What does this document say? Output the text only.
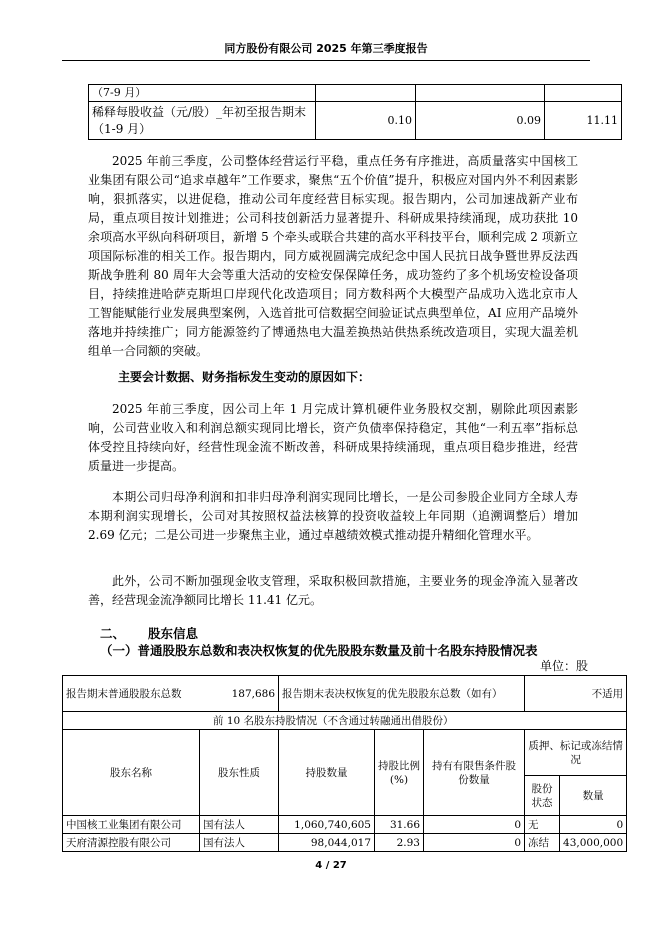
同方股份有限公司 2025 年第三季度报告
（7-9 月）			
稀释每股收益（元/股）_年初至报告期末（1-9 月）	0.10	0.09	11.11

2025 年前三季度，公司整体经营运行平稳，重点任务有序推进，高质量落实中国核工业集团有限公司“追求卓越年”工作要求，聚焦“五个价值”提升，积极应对国内外不利因素影响，狠抓落实，以进促稳，推动公司年度经营目标实现。报告期内，公司加速战新产业布局，重点项目按计划推进；公司科技创新活力显著提升、科研成果持续涌现，成功获批 10 余项高水平纵向科研项目，新增 5 个牵头或联合共建的高水平科技平台，顺利完成 2 项新立项国际标准的相关工作。报告期内，同方威视圆满完成纪念中国人民抗日战争暨世界反法西斯战争胜利 80 周年大会等重大活动的安检安保保障任务，成功签约了多个机场安检设备项目，持续推进哈萨克斯坦口岸现代化改造项目；同方数科两个大模型产品成功入选北京市人工智能赋能行业发展典型案例，入选首批可信数据空间验证试点典型单位，AI 应用产品境外落地并持续推广；同方能源签约了博通热电大温差换热站供热系统改造项目，实现大温差机组单一合同额的突破。

主要会计数据、财务指标发生变动的原因如下：

2025 年前三季度，因公司上年 1 月完成计算机硬件业务股权交割，剔除此项因素影响，公司营业收入和利润总额实现同比增长，资产负债率保持稳定，其他“一利五率”指标总体受控且持续向好，经营性现金流不断改善，科研成果持续涌现，重点项目稳步推进，经营质量进一步提高。

本期公司归母净利润和扣非归母净利润实现同比增长，一是公司参股企业同方全球人寿本期利润实现增长，公司对其按照权益法核算的投资收益较上年同期（追溯调整后）增加 2.69 亿元；二是公司进一步聚焦主业，通过卓越绩效模式推动提升精细化管理水平。

此外，公司不断加强现金收支管理，采取积极回款措施，主要业务的现金净流入显著改善，经营现金流净额同比增长 11.41 亿元。

二、 股东信息
（一）普通股股东总数和表决权恢复的优先股股东数量及前十名股东持股情况表
单位：股
报告期末普通股股东总数 187,686		报告期末表决权恢复的优先股股东总数（如有）			不适用	
前 10 名股东持股情况（不含通过转融通出借股份）						
股东名称	股东性质	持股数量	持股比例(%)	持有有限售条件股份数量	质押、标记或冻结情况	
					股份状态	数量
中国核工业集团有限公司	国有法人	1,060,740,605	31.66	0	无	0
天府清源控股有限公司	国有法人	98,044,017	2.93	0	冻结	43,000,000
4 / 27
